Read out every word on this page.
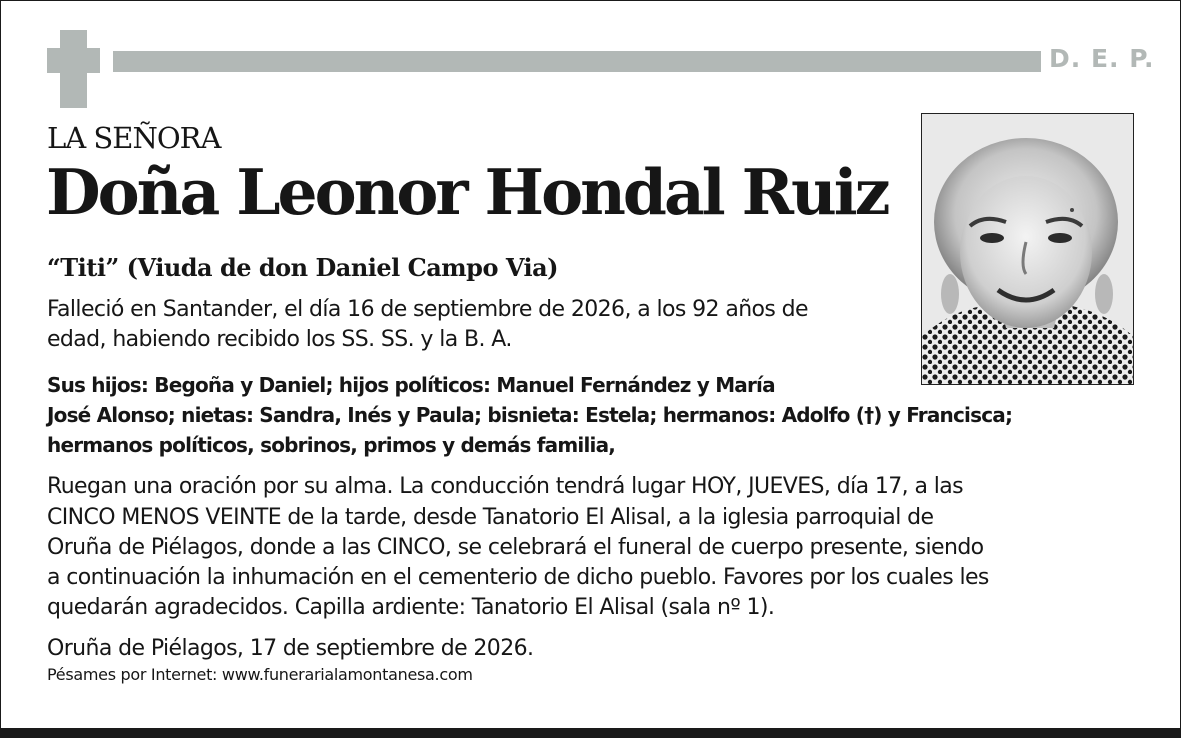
D. E. P.
LA SEÑORA
Doña Leonor Hondal Ruiz
“Titi” (Viuda de don Daniel Campo Via)
Falleció en Santander, el día 16 de septiembre de 2026, a los 92 años de
edad, habiendo recibido los SS. SS. y la B. A.
Sus hijos: Begoña y Daniel; hijos políticos: Manuel Fernández y María
José Alonso; nietas: Sandra, Inés y Paula; bisnieta: Estela; hermanos: Adolfo (†) y Francisca;
hermanos políticos, sobrinos, primos y demás familia,
Ruegan una oración por su alma. La conducción tendrá lugar HOY, JUEVES, día 17, a las
CINCO MENOS VEINTE de la tarde, desde Tanatorio El Alisal, a la iglesia parroquial de
Oruña de Piélagos, donde a las CINCO, se celebrará el funeral de cuerpo presente, siendo
a continuación la inhumación en el cementerio de dicho pueblo. Favores por los cuales les
quedarán agradecidos. Capilla ardiente: Tanatorio El Alisal (sala nº 1).
Oruña de Piélagos, 17 de septiembre de 2026.
Pésames por Internet: www.funerarialamontanesa.com
